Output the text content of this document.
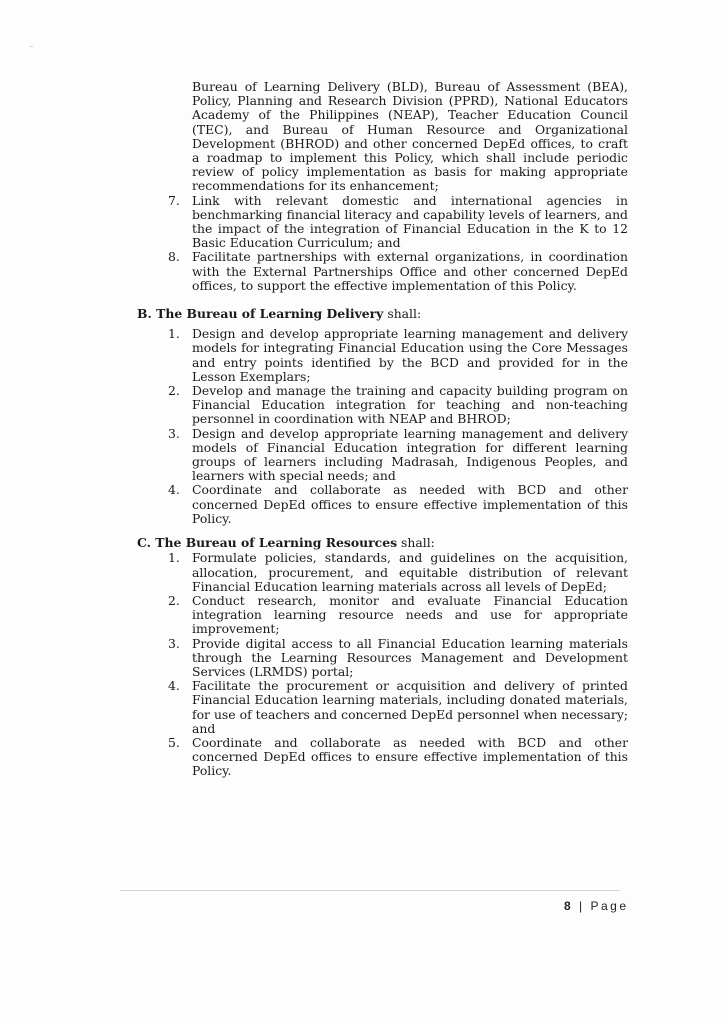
Bureau of Learning Delivery (BLD), Bureau of Assessment (BEA), Policy, Planning and Research Division (PPRD), National Educators Academy of the Philippines (NEAP), Teacher Education Council (TEC), and Bureau of Human Resource and Organizational Development (BHROD) and other concerned DepEd offices, to craft a roadmap to implement this Policy, which shall include periodic review of policy implementation as basis for making appropriate recommendations for its enhancement;
7. Link with relevant domestic and international agencies in benchmarking financial literacy and capability levels of learners, and the impact of the integration of Financial Education in the K to 12 Basic Education Curriculum; and
8. Facilitate partnerships with external organizations, in coordination with the External Partnerships Office and other concerned DepEd offices, to support the effective implementation of this Policy.
B. The Bureau of Learning Delivery shall:
1. Design and develop appropriate learning management and delivery models for integrating Financial Education using the Core Messages and entry points identified by the BCD and provided for in the Lesson Exemplars;
2. Develop and manage the training and capacity building program on Financial Education integration for teaching and non-teaching personnel in coordination with NEAP and BHROD;
3. Design and develop appropriate learning management and delivery models of Financial Education integration for different learning groups of learners including Madrasah, Indigenous Peoples, and learners with special needs; and
4. Coordinate and collaborate as needed with BCD and other concerned DepEd offices to ensure effective implementation of this Policy.
C. The Bureau of Learning Resources shall:
1. Formulate policies, standards, and guidelines on the acquisition, allocation, procurement, and equitable distribution of relevant Financial Education learning materials across all levels of DepEd;
2. Conduct research, monitor and evaluate Financial Education integration learning resource needs and use for appropriate improvement;
3. Provide digital access to all Financial Education learning materials through the Learning Resources Management and Development Services (LRMDS) portal;
4. Facilitate the procurement or acquisition and delivery of printed Financial Education learning materials, including donated materials, for use of teachers and concerned DepEd personnel when necessary; and
5. Coordinate and collaborate as needed with BCD and other concerned DepEd offices to ensure effective implementation of this Policy.
8 | Page
